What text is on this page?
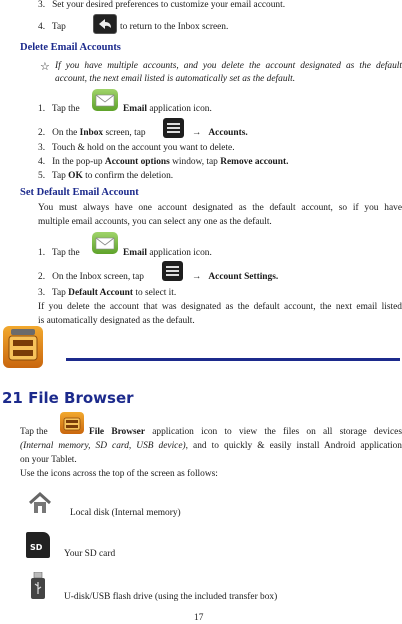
3. Set your desired preferences to customize your email account.
4. Tap	to return to the Inbox screen.
Delete Email Accounts
☆ If you have multiple accounts, and you delete the account designated as the default
account, the next email listed is automatically set as the default.
1. Tap the	Email application icon.
2. On the Inbox screen, tap	→ Accounts.
3. Touch & hold on the account you want to delete.
4. In the pop-up Account options window, tap Remove account.
5. Tap OK to confirm the deletion.
Set Default Email Account
You must always have one account designated as the default account, so if you have
multiple email accounts, you can select any one as the default.
1. Tap the	Email application icon.
2. On the Inbox screen, tap	→ Account Settings.
3. Tap Default Account to select it.
If you delete the account that was designated as the default account, the next email listed
is automatically designated as the default.
21 File Browser
Tap the	File Browser application icon to view the files on all storage devices
(Internal memory, SD card, USB device), and to quickly & easily install Android application
on your Tablet.
Use the icons across the top of the screen as follows:
Local disk (Internal memory)
SD
Your SD card
U-disk/USB flash drive (using the included transfer box)
17
